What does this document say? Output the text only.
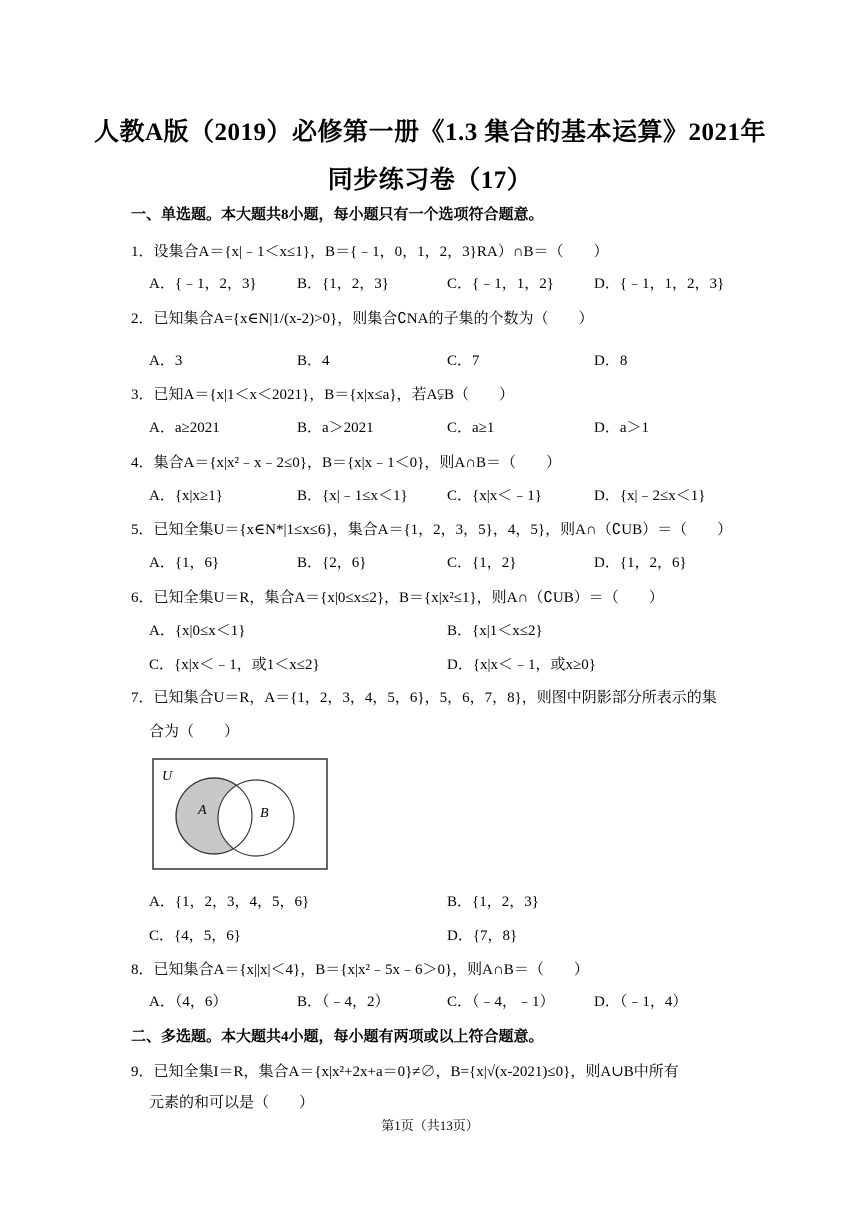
人教A版（2019）必修第一册《1.3 集合的基本运算》2021年
同步练习卷（17）
一、单选题。本大题共8小题，每小题只有一个选项符合题意。
1．设集合A＝{x|﹣1＜x≤1}，B＝{﹣1，0，1，2，3}RA）∩B＝（　　）
A．{﹣1，2，3}	B．{1，2，3}	C．{﹣1，1，2}	D．{﹣1，1，2，3}
2．已知集合A={x∈N|1/(x-2)>0}，则集合∁NA的子集的个数为（　　）
A．3	B．4	C．7	D．8
3．已知A＝{x|1＜x＜2021}，B＝{x|x≤a}，若A⫋B（　　）
A．a≥2021	B．a＞2021	C．a≥1	D．a＞1
4．集合A＝{x|x²﹣x﹣2≤0}，B＝{x|x﹣1＜0}，则A∩B＝（　　）
A．{x|x≥1}	B．{x|﹣1≤x＜1}	C．{x|x＜﹣1}	D．{x|﹣2≤x＜1}
5．已知全集U＝{x∈N*|1≤x≤6}，集合A＝{1，2，3，5}，4，5}，则A∩（∁UB）＝（　　）
A．{1，6}	B．{2，6}	C．{1，2}	D．{1，2，6}
6．已知全集U＝R，集合A＝{x|0≤x≤2}，B＝{x|x²≤1}，则A∩（∁UB）＝（　　）
A．{x|0≤x＜1}	B．{x|1＜x≤2}
C．{x|x＜﹣1，或1＜x≤2}	D．{x|x＜﹣1，或x≥0}
7．已知集合U＝R，A＝{1，2，3，4，5，6}，5，6，7，8}，则图中阴影部分所表示的集
合为（　　）
U
A	B
A．{1，2，3，4，5，6}	B．{1，2，3}
C．{4，5，6}	D．{7，8}
8．已知集合A＝{x||x|＜4}，B＝{x|x²﹣5x﹣6＞0}，则A∩B＝（　　）
A．（4，6）	B．（﹣4，2）	C．（﹣4，﹣1）	D．（﹣1，4）
二、多选题。本大题共4小题，每小题有两项或以上符合题意。
9．已知全集I＝R，集合A＝{x|x²+2x+a＝0}≠∅，B={x|√(x-2021)≤0}，则A∪B中所有
元素的和可以是（　　）
第1页（共13页）
